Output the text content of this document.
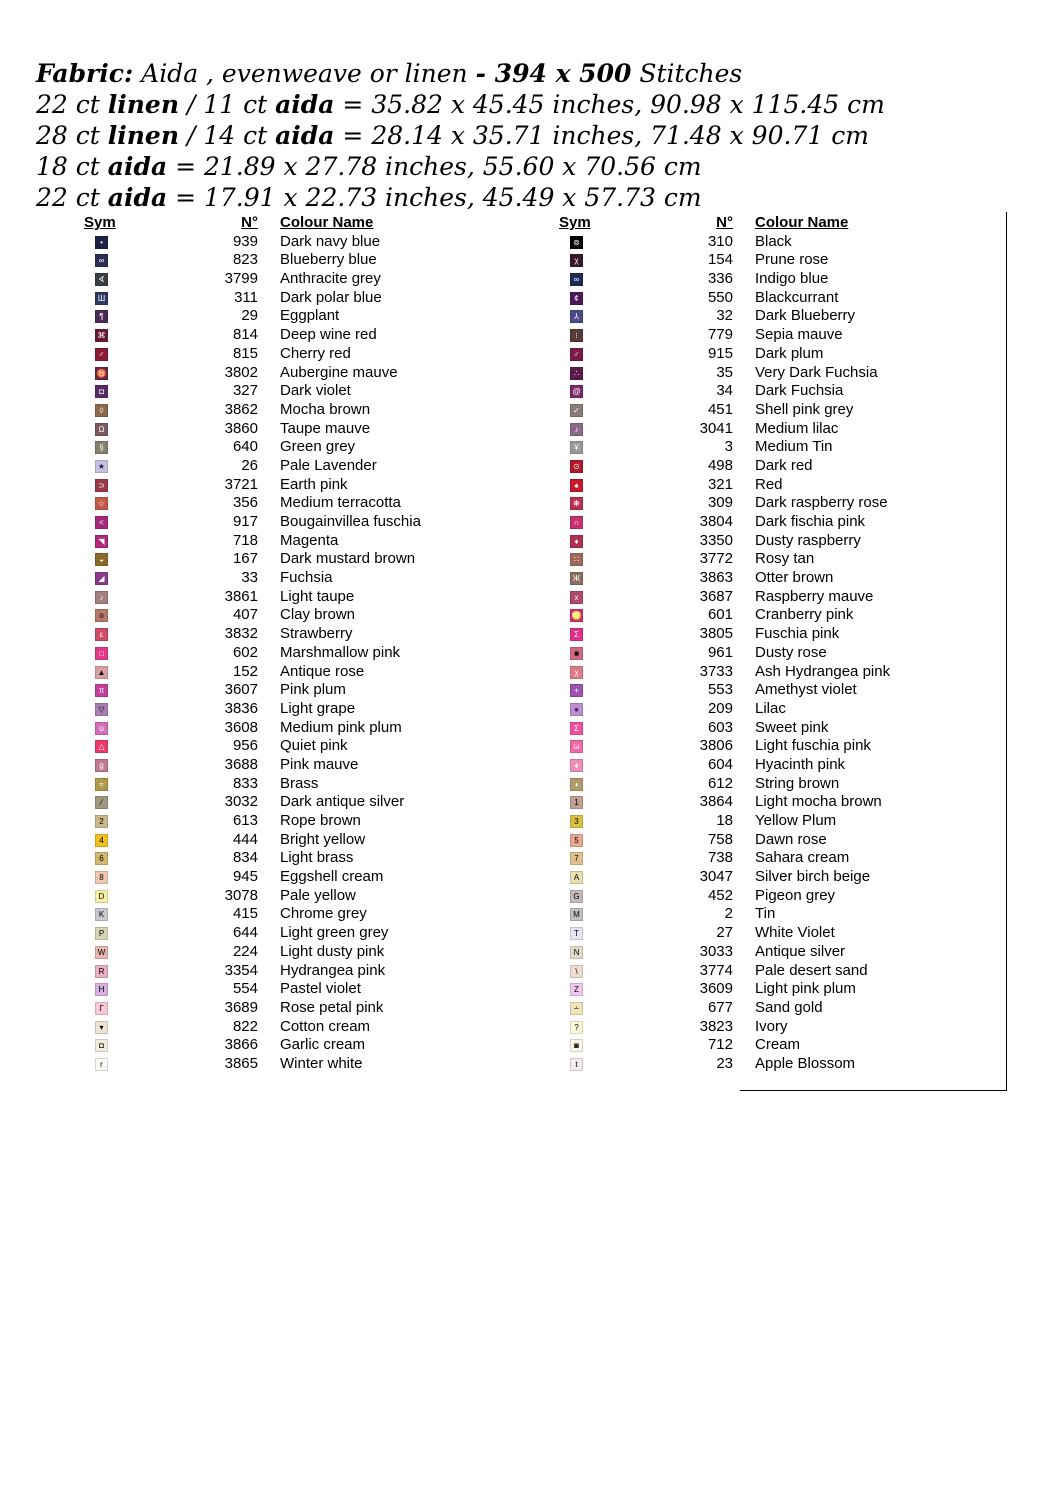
Fabric: Aida , evenweave or linen - 394 x 500 Stitches
22 ct linen / 11 ct aida = 35.82 x 45.45 inches, 90.98 x 115.45 cm
28 ct linen / 14 ct aida = 28.14 x 35.71 inches, 71.48 x 90.71 cm
18 ct aida = 21.89 x 27.78 inches, 55.60 x 70.56 cm
22 ct aida = 17.91 x 22.73 inches, 45.49 x 57.73 cm
Sym	N° Colour Name
•	939 Dark navy blue
∞	823 Blueberry blue
∢	3799 Anthracite grey
Ш	311 Dark polar blue
¶	29 Eggplant
⌘	814 Deep wine red
♂	815 Cherry red
♉	3802 Aubergine mauve
◘	327 Dark violet
◊	3862 Mocha brown
Ω	3860 Taupe mauve
§	640 Green grey
★	26 Pale Lavender
⊃	3721 Earth pink
☆	356 Medium terracotta
<	917 Bougainvillea fuschia
◥	718 Magenta
◒	167 Dark mustard brown
◢	33 Fuchsia
♪	3861 Light taupe
o	407 Clay brown
ε	3832 Strawberry
□	602 Marshmallow pink
▲	152 Antique rose
π	3607 Pink plum
▽	3836 Light grape
ʊ	3608 Medium pink plum
△	956 Quiet pink
g	3688 Pink mauve
≈	833 Brass
⁄	3032 Dark antique silver
2	613 Rope brown
4	444 Bright yellow
6	834 Light brass
8	945 Eggshell cream
D	3078 Pale yellow
K	415 Chrome grey
P	644 Light green grey
W	224 Light dusty pink
R	3354 Hydrangea pink
H	554 Pastel violet
Г	3689 Rose petal pink
▾	822 Cotton cream
◘	3866 Garlic cream
r	3865 Winter white
Sym	N° Colour Name
⊚	310 Black
χ	154 Prune rose
∞	336 Indigo blue
¢	550 Blackcurrant
⅄	32 Dark Blueberry
⁝	779 Sepia mauve
♂	915 Dark plum
∴	35 Very Dark Fuchsia
@	34 Dark Fuchsia
✓	451 Shell pink grey
♪	3041 Medium lilac
¥	3 Medium Tin
⊙	498 Dark red
♠	321 Red
❋	309 Dark raspberry rose
∩	3804 Dark fischia pink
♦	3350 Dusty raspberry
∷	3772 Rosy tan
Ж	3863 Otter brown
x	3687 Raspberry mauve
♌	601 Cranberry pink
Σ	3805 Fuschia pink
■	961 Dusty rose
χ	3733 Ash Hydrangea pink
+	553 Amethyst violet
●	209 Lilac
Σ	603 Sweet pink
ω	3806 Light fuschia pink
♦	604 Hyacinth pink
◖	612 String brown
1	3864 Light mocha brown
3	18 Yellow Plum
5	758 Dawn rose
7	738 Sahara cream
A	3047 Silver birch beige
G	452 Pigeon grey
M	2 Tin
T	27 White Violet
N	3033 Antique silver
\	3774 Pale desert sand
Z	3609 Light pink plum
∸	677 Sand gold
?	3823 Ivory
◙	712 Cream
t	23 Apple Blossom
